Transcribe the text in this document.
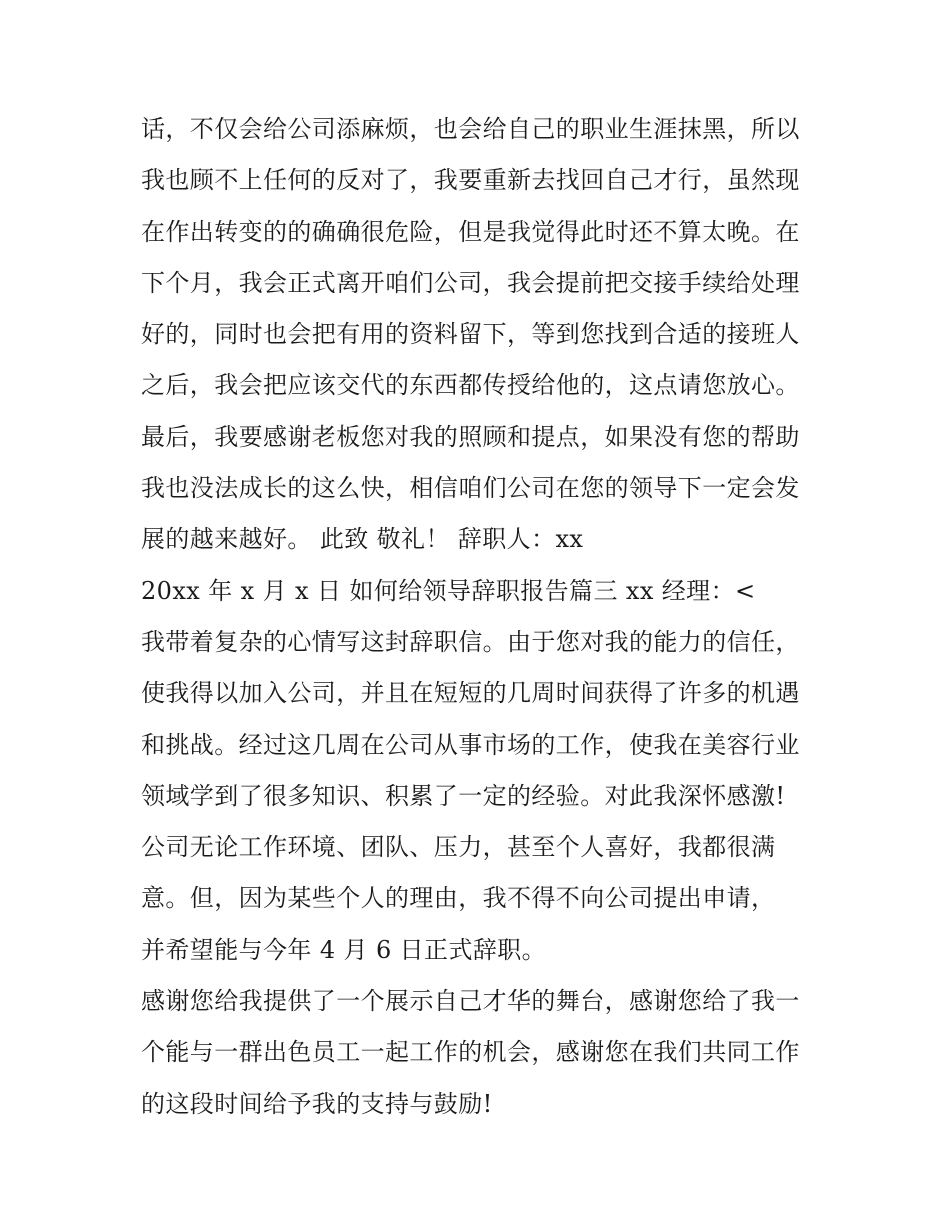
话，不仅会给公司添麻烦，也会给自己的职业生涯抹黑，所以
我也顾不上任何的反对了，我要重新去找回自己才行，虽然现
在作出转变的的确确很危险，但是我觉得此时还不算太晚。在
下个月，我会正式离开咱们公司，我会提前把交接手续给处理
好的，同时也会把有用的资料留下，等到您找到合适的接班人
之后，我会把应该交代的东西都传授给他的，这点请您放心。
最后，我要感谢老板您对我的照顾和提点，如果没有您的帮助
我也没法成长的这么快，相信咱们公司在您的领导下一定会发
展的越来越好。 此致 敬礼！ 辞职人：xx
20xx 年 x 月 x 日 如何给领导辞职报告篇三 xx 经理：<
我带着复杂的心情写这封辞职信。由于您对我的能力的信任，
使我得以加入公司，并且在短短的几周时间获得了许多的机遇
和挑战。经过这几周在公司从事市场的工作，使我在美容行业
领域学到了很多知识、积累了一定的经验。对此我深怀感激!
公司无论工作环境、团队、压力，甚至个人喜好，我都很满
意。但，因为某些个人的理由，我不得不向公司提出申请，
并希望能与今年 4 月 6 日正式辞职。
感谢您给我提供了一个展示自己才华的舞台，感谢您给了我一
个能与一群出色员工一起工作的机会，感谢您在我们共同工作
的这段时间给予我的支持与鼓励!
